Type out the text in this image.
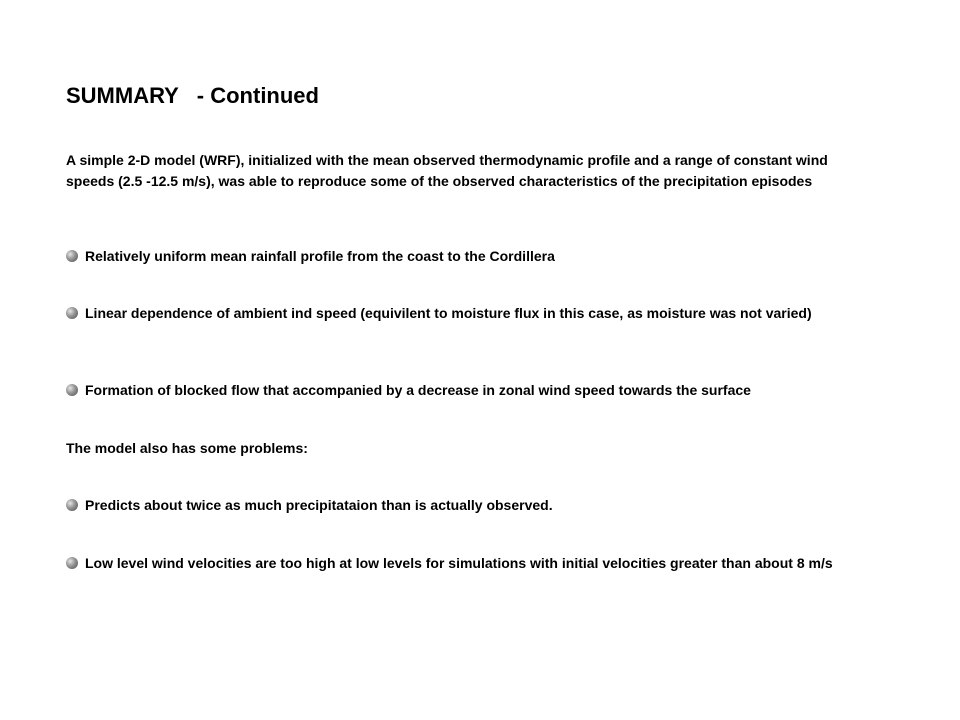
SUMMARY   - Continued

A simple 2-D model (WRF), initialized with the mean observed thermodynamic profile and a range of constant wind speeds (2.5 -12.5 m/s), was able to reproduce some of the observed characteristics of the precipitation episodes

Relatively uniform mean rainfall profile from the coast to the Cordillera

Linear dependence of ambient ind speed (equivilent to moisture flux in this case, as moisture was not varied)

Formation of blocked flow that accompanied by a decrease in zonal wind speed towards the surface

The model also has some problems:

Predicts about twice as much precipitataion than is actually observed.

Low level wind velocities are too high at low levels for simulations with initial velocities greater than about 8 m/s
